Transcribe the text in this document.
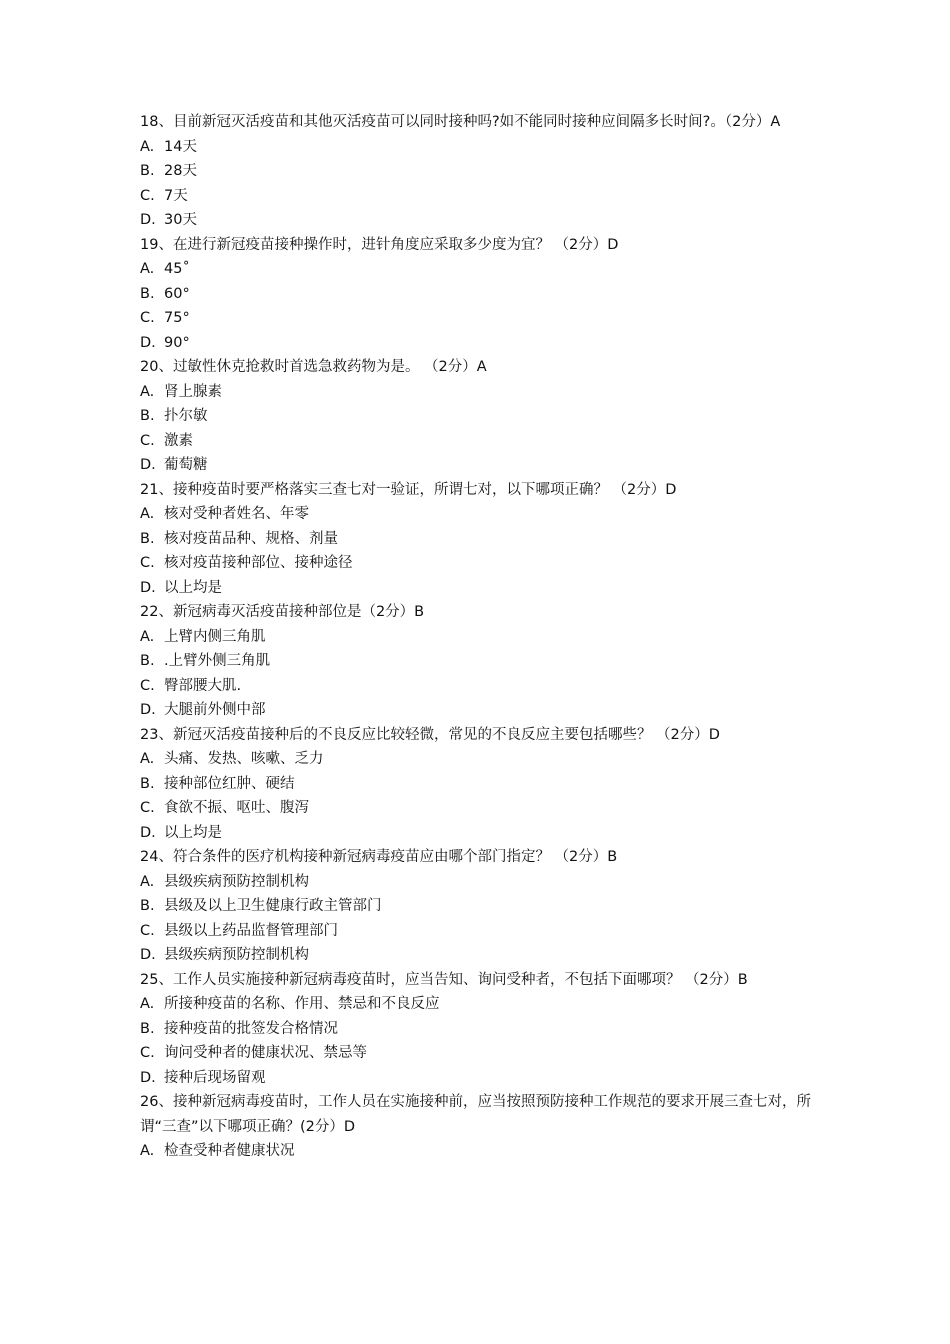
18、目前新冠灭活疫苗和其他灭活疫苗可以同时接种吗?如不能同时接种应间隔多长时间?。（2分）A
A. 14天
B. 28天
C. 7天
D. 30天
19、在进行新冠疫苗接种操作时，进针角度应采取多少度为宜？ （2分）D
A. 45˚
B. 60°
C. 75°
D. 90°
20、过敏性休克抢救时首选急救药物为是。 （2分）A
A. 肾上腺素
B. 扑尔敏
C. 激素
D. 葡萄糖
21、接种疫苗时要严格落实三查七对一验证，所谓七对，以下哪项正确？ （2分）D
A. 核对受种者姓名、年零
B. 核对疫苗品种、规格、剂量
C. 核对疫苗接种部位、接种途径
D. 以上均是
22、新冠病毒灭活疫苗接种部位是（2分）B
A. 上臂内侧三角肌
B. .上臂外侧三角肌
C. 臀部腰大肌.
D. 大腿前外侧中部
23、新冠灭活疫苗接种后的不良反应比较轻微，常见的不良反应主要包括哪些？ （2分）D
A. 头痛、发热、咳嗽、乏力
B. 接种部位红肿、硬结
C. 食欲不振、呕吐、腹泻
D. 以上均是
24、符合条件的医疗机构接种新冠病毒疫苗应由哪个部门指定？ （2分）B
A. 县级疾病预防控制机构
B. 县级及以上卫生健康行政主管部门
C. 县级以上药品监督管理部门
D. 县级疾病预防控制机构
25、工作人员实施接种新冠病毒疫苗时，应当告知、询问受种者，不包括下面哪项？ （2分）B
A. 所接种疫苗的名称、作用、禁忌和不良反应
B. 接种疫苗的批签发合格情况
C. 询问受种者的健康状况、禁忌等
D. 接种后现场留观
26、接种新冠病毒疫苗时，工作人员在实施接种前，应当按照预防接种工作规范的要求开展三查七对，所谓“三查”以下哪项正确？(2分）D
A. 检查受种者健康状况
